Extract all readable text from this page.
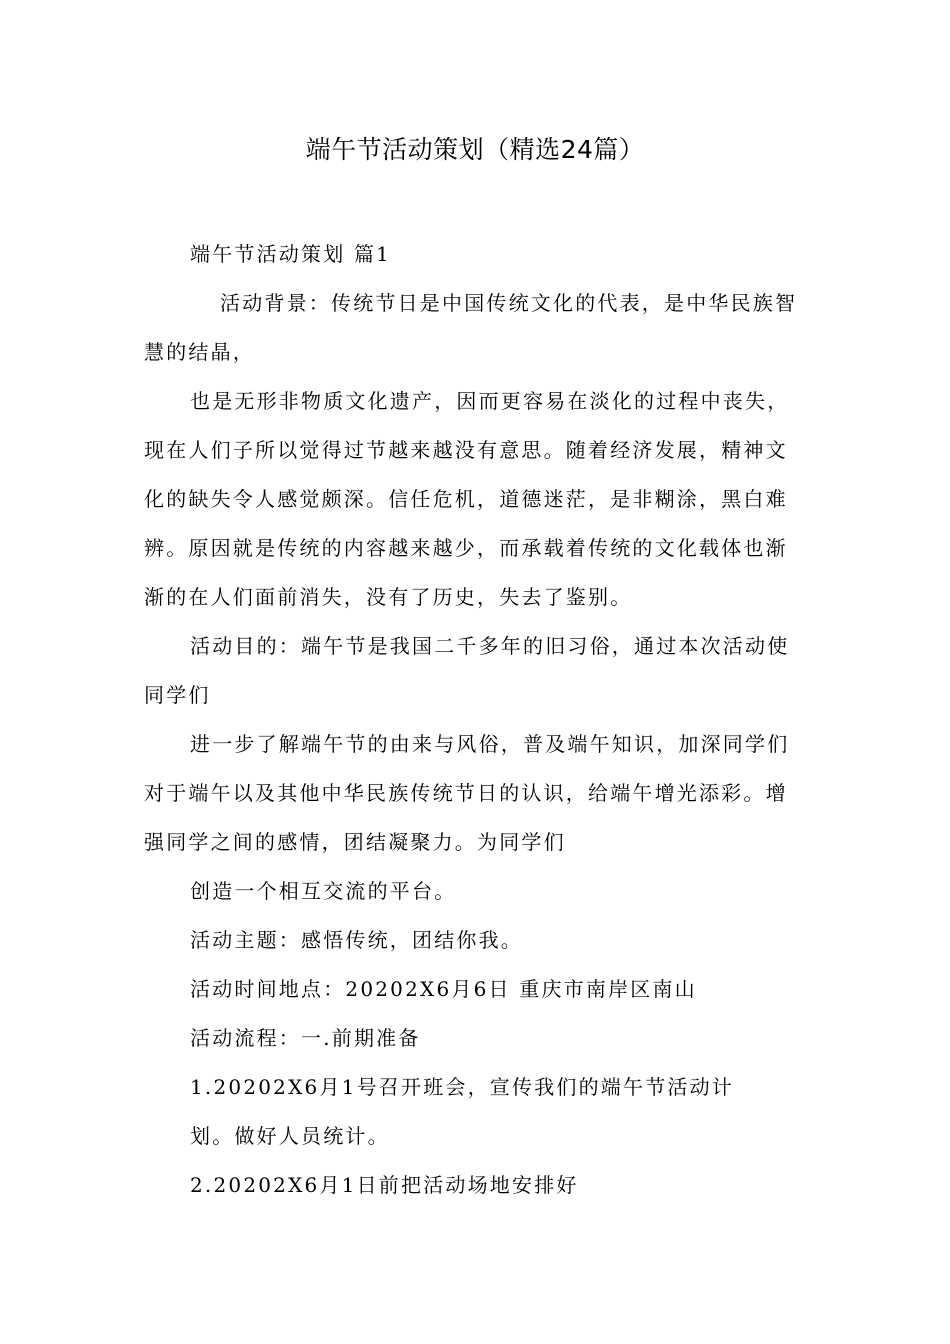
端午节活动策划（精选24篇）

端午节活动策划 篇1

活动背景：传统节日是中国传统文化的代表，是中华民族智慧的结晶，

也是无形非物质文化遗产，因而更容易在淡化的过程中丧失，现在人们子所以觉得过节越来越没有意思。随着经济发展，精神文化的缺失令人感觉颇深。信任危机，道德迷茫，是非糊涂，黑白难辨。原因就是传统的内容越来越少，而承载着传统的文化载体也渐渐的在人们面前消失，没有了历史，失去了鉴别。

活动目的：端午节是我国二千多年的旧习俗，通过本次活动使同学们

进一步了解端午节的由来与风俗，普及端午知识，加深同学们对于端午以及其他中华民族传统节日的认识，给端午增光添彩。增强同学之间的感情，团结凝聚力。为同学们

创造一个相互交流的平台。

活动主题：感悟传统，团结你我。

活动时间地点：20202X6月6日 重庆市南岸区南山

活动流程：一.前期准备

1.20202X6月1号召开班会，宣传我们的端午节活动计

划。做好人员统计。

2.20202X6月1日前把活动场地安排好
